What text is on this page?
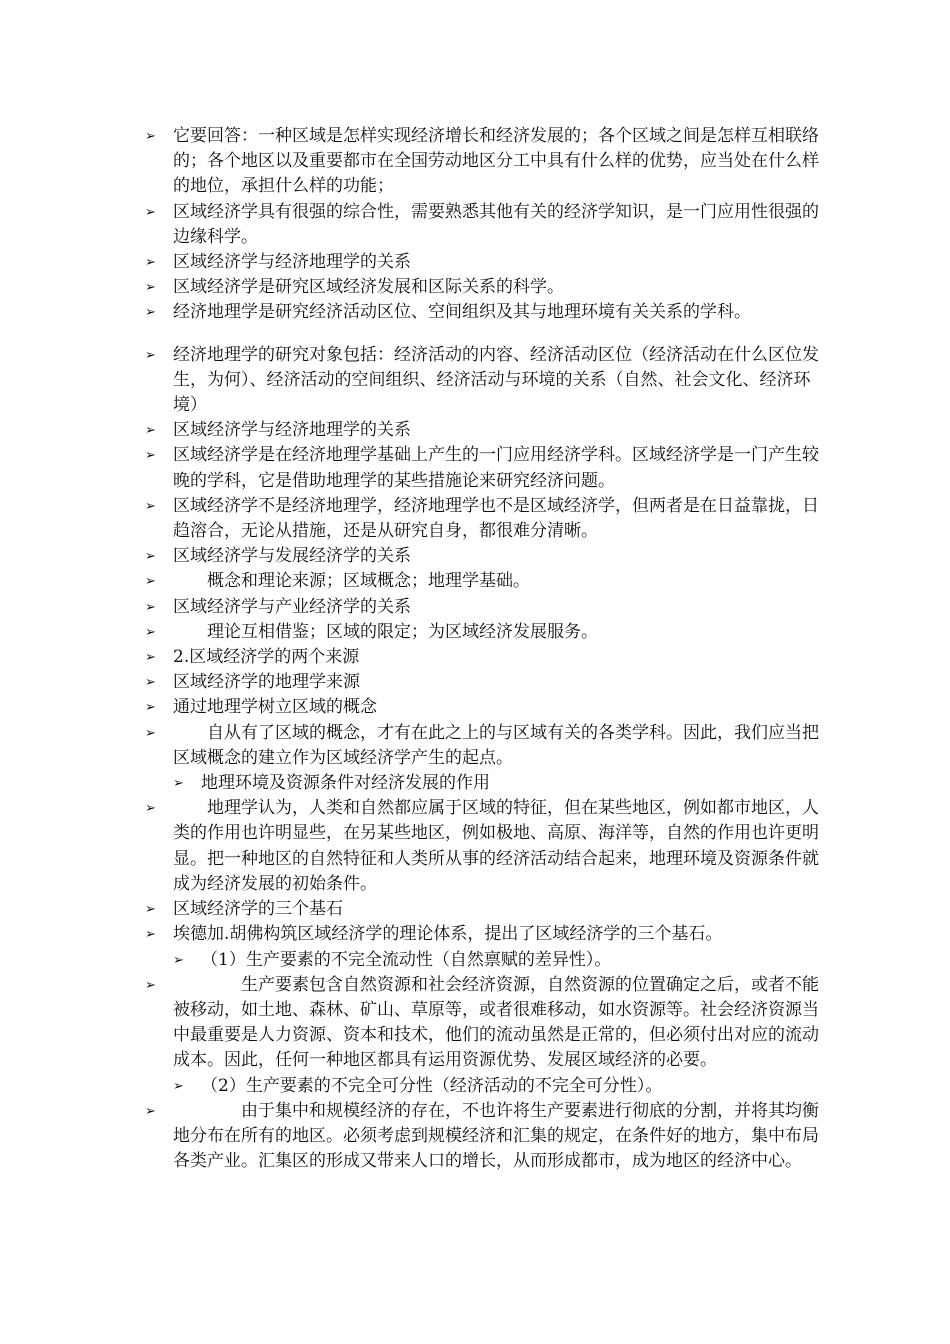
➢	它要回答：一种区域是怎样实现经济增长和经济发展的；各个区域之间是怎样互相联络的；各个地区以及重要都市在全国劳动地区分工中具有什么样的优势，应当处在什么样的地位，承担什么样的功能；
➢	区域经济学具有很强的综合性，需要熟悉其他有关的经济学知识，是一门应用性很强的边缘科学。
➢	区域经济学与经济地理学的关系
➢	区域经济学是研究区域经济发展和区际关系的科学。
➢	经济地理学是研究经济活动区位、空间组织及其与地理环境有关关系的学科。
➢	经济地理学的研究对象包括：经济活动的内容、经济活动区位（经济活动在什么区位发生，为何）、经济活动的空间组织、经济活动与环境的关系（自然、社会文化、经济环境）
➢	区域经济学与经济地理学的关系
➢	区域经济学是在经济地理学基础上产生的一门应用经济学科。区域经济学是一门产生较晚的学科，它是借助地理学的某些措施论来研究经济问题。
➢	区域经济学不是经济地理学，经济地理学也不是区域经济学，但两者是在日益靠拢，日趋溶合，无论从措施，还是从研究自身，都很难分清晰。
➢	区域经济学与发展经济学的关系
➢	概念和理论来源；区域概念；地理学基础。
➢	区域经济学与产业经济学的关系
➢	理论互相借鉴；区域的限定；为区域经济发展服务。
➢	2.区域经济学的两个来源
➢	区域经济学的地理学来源
➢	通过地理学树立区域的概念
➢	自从有了区域的概念，才有在此之上的与区域有关的各类学科。因此，我们应当把区域概念的建立作为区域经济学产生的起点。
➢	地理环境及资源条件对经济发展的作用
➢	地理学认为，人类和自然都应属于区域的特征，但在某些地区，例如都市地区，人类的作用也许明显些，在另某些地区，例如极地、高原、海洋等，自然的作用也许更明显。把一种地区的自然特征和人类所从事的经济活动结合起来，地理环境及资源条件就成为经济发展的初始条件。
➢	区域经济学的三个基石
➢	埃德加.胡佛构筑区域经济学的理论体系，提出了区域经济学的三个基石。
➢	（1）生产要素的不完全流动性（自然禀赋的差异性）。
➢	生产要素包含自然资源和社会经济资源，自然资源的位置确定之后，或者不能被移动，如土地、森林、矿山、草原等，或者很难移动，如水资源等。社会经济资源当中最重要是人力资源、资本和技术，他们的流动虽然是正常的，但必须付出对应的流动成本。因此，任何一种地区都具有运用资源优势、发展区域经济的必要。
➢	（2）生产要素的不完全可分性（经济活动的不完全可分性）。
➢	由于集中和规模经济的存在，不也许将生产要素进行彻底的分割，并将其均衡地分布在所有的地区。必须考虑到规模经济和汇集的规定，在条件好的地方，集中布局各类产业。汇集区的形成又带来人口的增长，从而形成都市，成为地区的经济中心。
